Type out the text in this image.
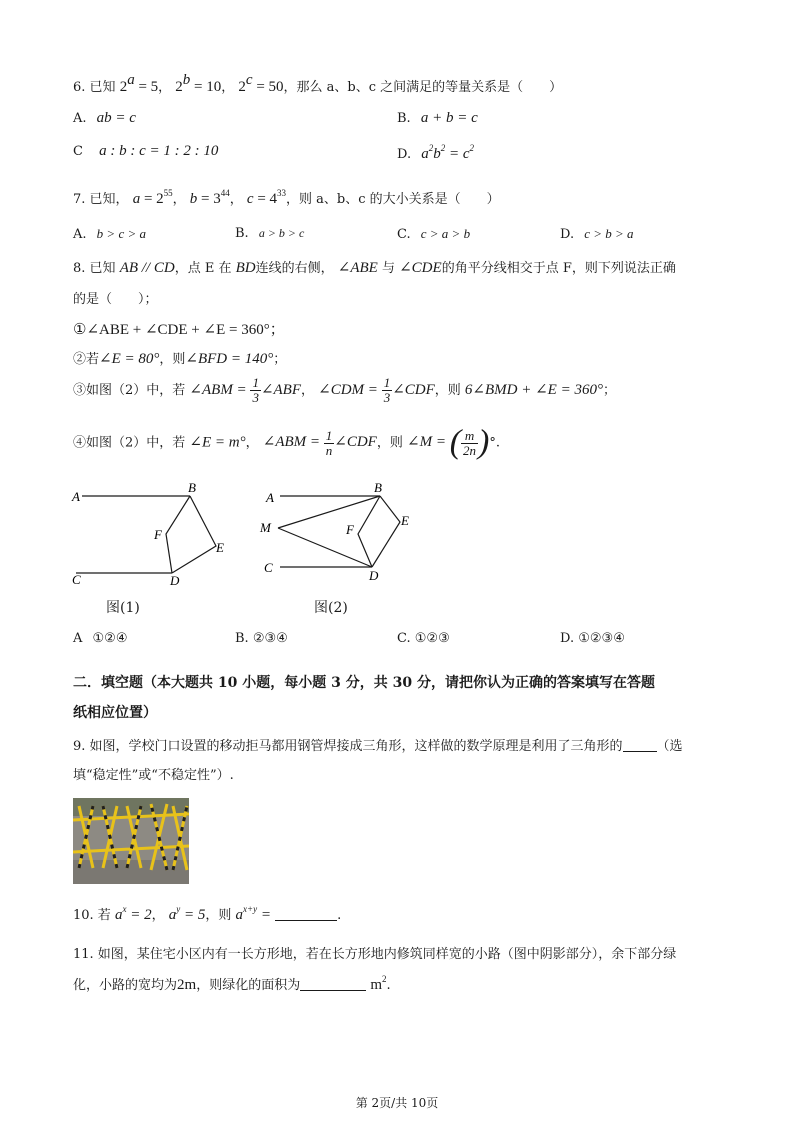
6. 已知 $2^a = 5$， $2^b = 10$， $2^c = 50$，那么 a、b、c 之间满足的等量关系是（　　）
A. ab = c	B. a + b = c
C a : b : c = 1 : 2 : 10	D. $a^2b^2 = c^2$
7. 已知， $a = 2^{55}$， $b = 3^{44}$， $c = 4^{33}$，则 a、b、c 的大小关系是（　　）
A. b > c > a	B. a > b > c	C. c > a > b	D. c > b > a
8. 已知 AB // CD，点 E 在 BD连线的右侧， ∠ABE 与 ∠CDE的角平分线相交于点 F，则下列说法正确
的是（　　）；
①∠ABE + ∠CDE + ∠E = 360°；
②若∠E = 80°，则∠BFD = 140°；
③如图（2）中，若 ∠ABM = $\frac{1}{3}$ ∠ABF， ∠CDM = $\frac{1}{3}$ ∠CDF，则 6∠BMD + ∠E = 360°；
④如图（2）中，若 ∠E = m°， ∠ABM = $\frac{1}{n}$ ∠CDF，则 ∠M = ( $\frac{m}{2n}$ )°.
A
B
C	D
E
F
图(1)
A
B
M
C
D
E
F
图(2)
A ①②④	B. ②③④	C. ①②③	D. ①②③④
二．填空题（本大题共 10 小题，每小题 3 分，共 30 分，请把你认为正确的答案填写在答题
纸相应位置）
9. 如图，学校门口设置的移动拒马都用钢管焊接成三角形，这样做的数学原理是利用了三角形的	（选
填“稳定性”或“不稳定性”）.
10. 若 $a^x = 2$， $a^y = 5$，则 $a^{x+y}$ =	.
11. 如图，某住宅小区内有一长方形地，若在长方形地内修筑同样宽的小路（图中阴影部分），余下部分绿
化，小路的宽均为2m，则绿化的面积为	$m^2$.
第 2页/共 10页
